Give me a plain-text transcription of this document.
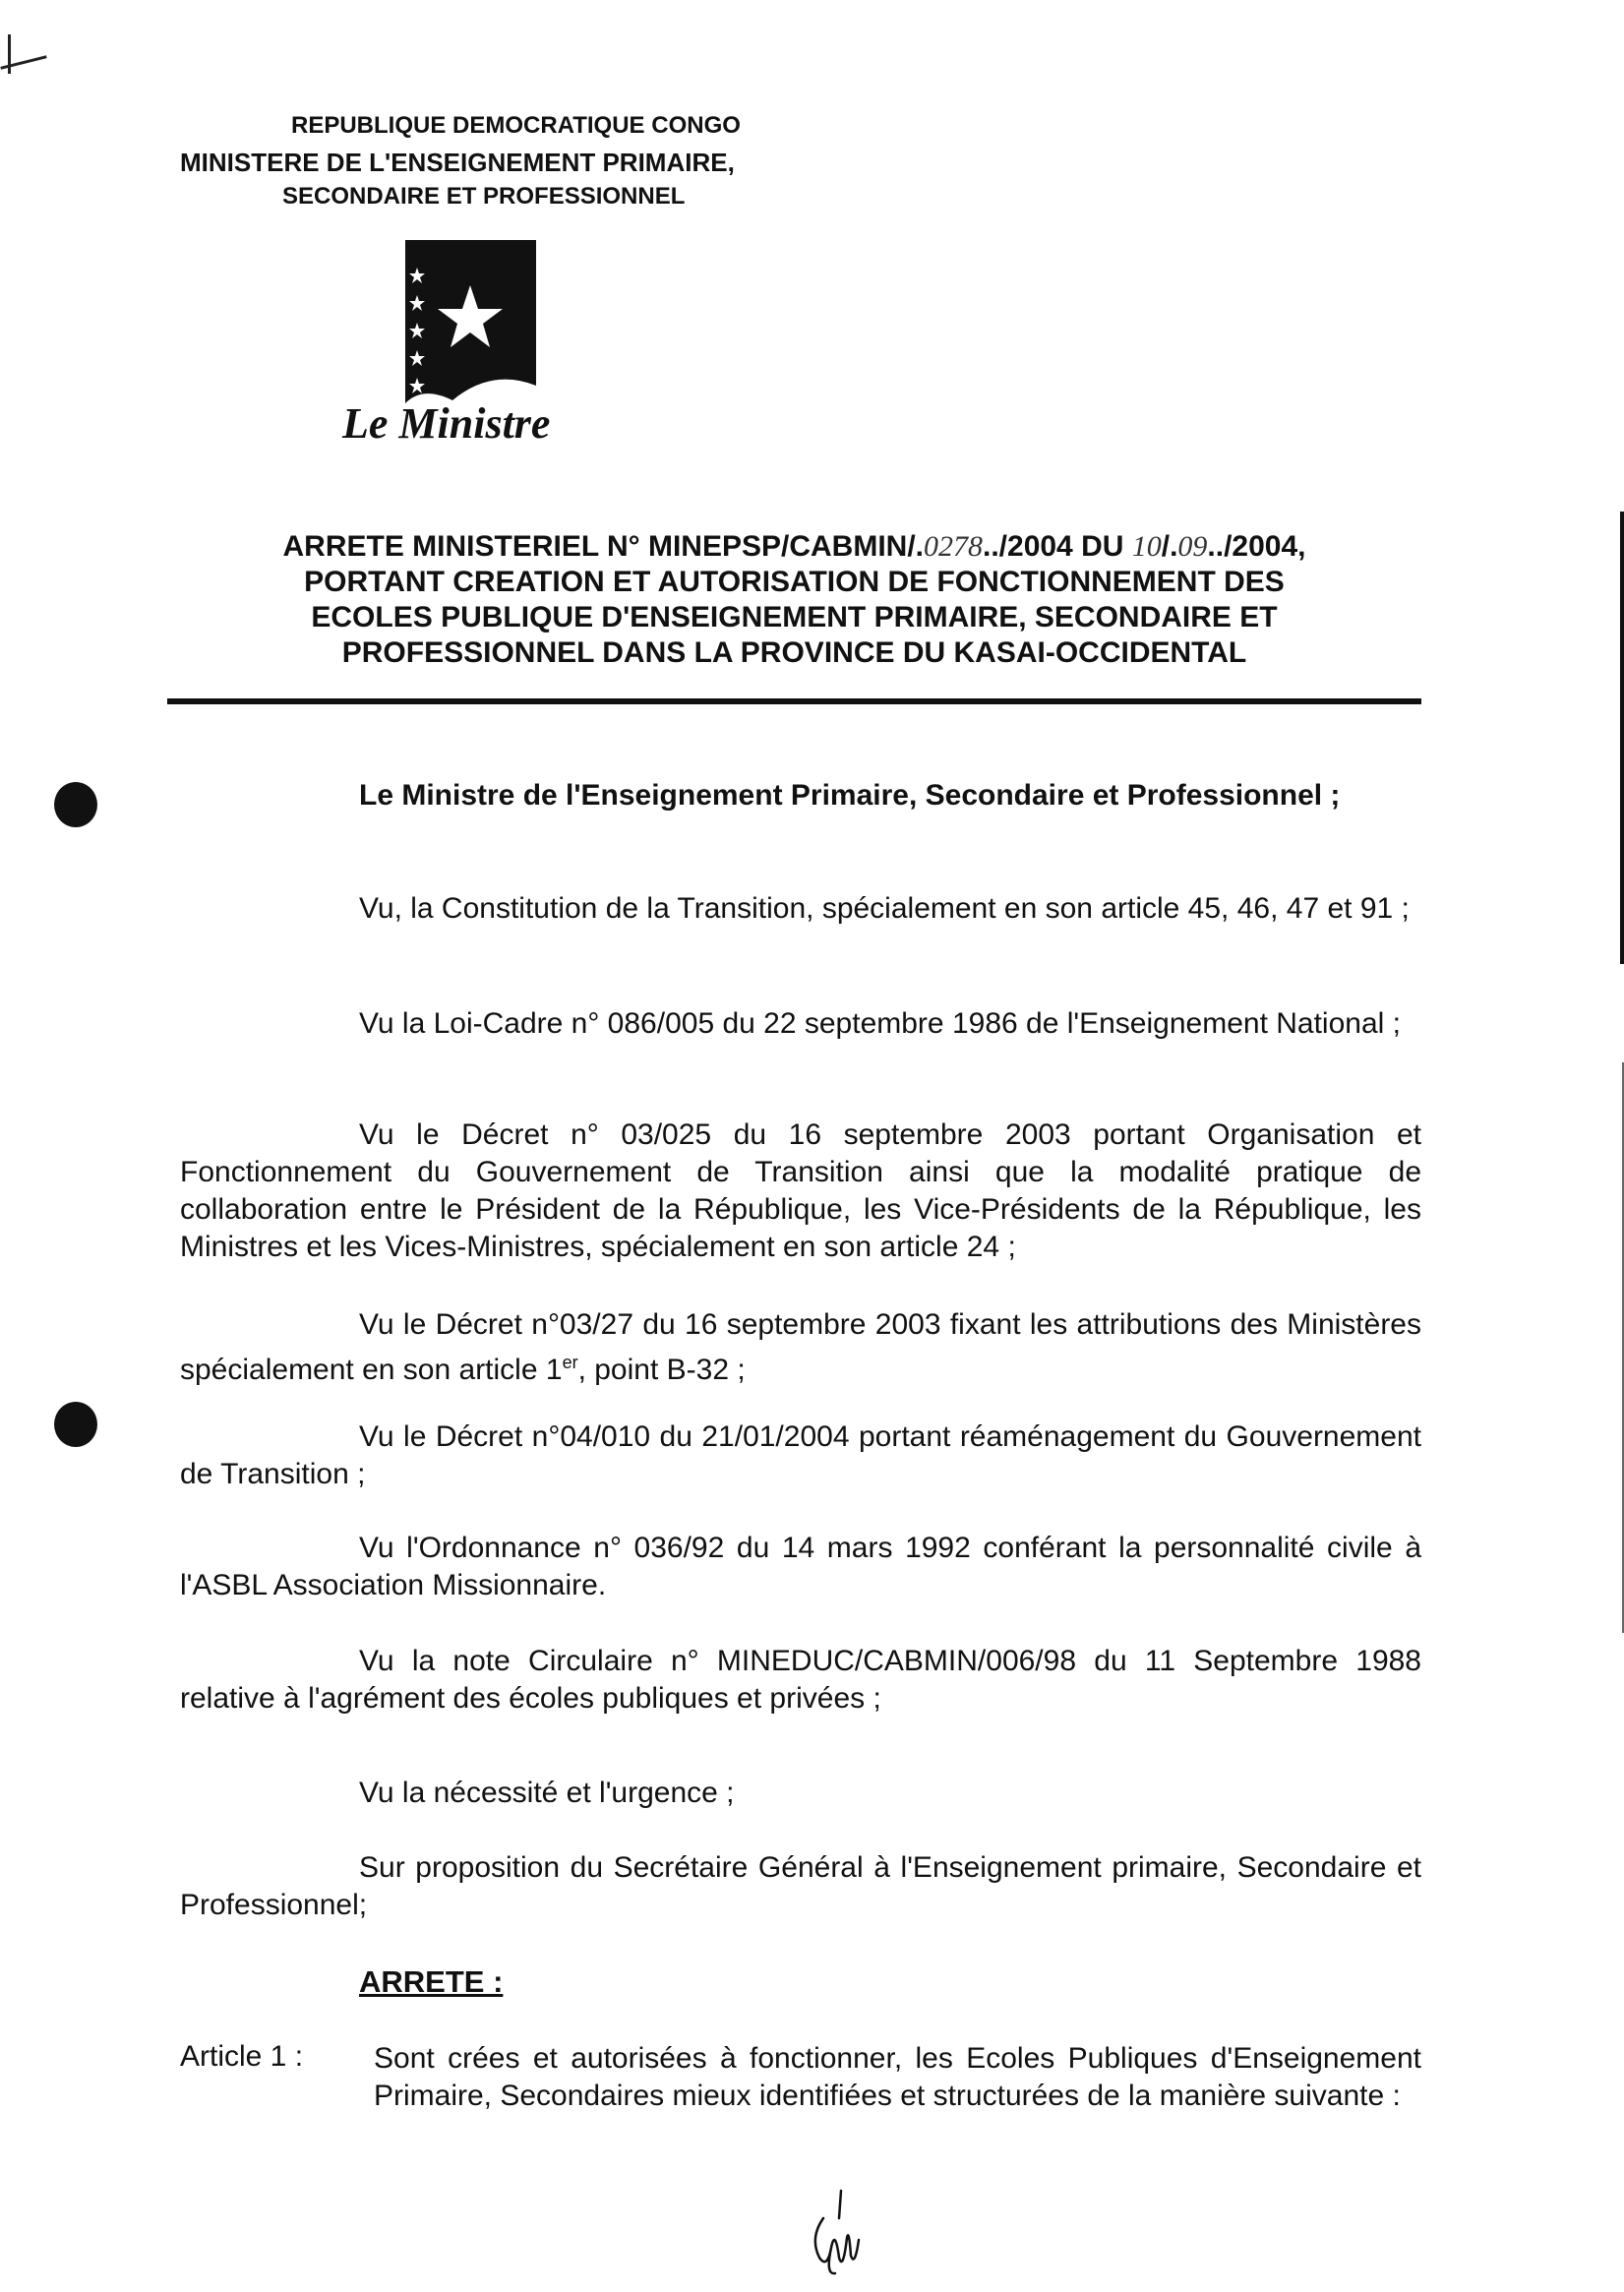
REPUBLIQUE DEMOCRATIQUE CONGO
MINISTERE DE L'ENSEIGNEMENT PRIMAIRE,
SECONDAIRE ET PROFESSIONNEL
Le Ministre
ARRETE MINISTERIEL N° MINEPSP/CABMIN/.0278../2004 DU 10/.09../2004,
PORTANT CREATION ET AUTORISATION DE FONCTIONNEMENT DES
ECOLES PUBLIQUE D'ENSEIGNEMENT PRIMAIRE, SECONDAIRE ET
PROFESSIONNEL DANS LA PROVINCE DU KASAI-OCCIDENTAL
Le Ministre de l'Enseignement Primaire, Secondaire et Professionnel ;
Vu, la Constitution de la Transition, spécialement en son article 45, 46, 47 et 91 ;
Vu la Loi-Cadre n° 086/005 du 22 septembre 1986 de l'Enseignement National ;
Vu le Décret n° 03/025 du 16 septembre 2003 portant Organisation et Fonctionnement du Gouvernement de Transition ainsi que la modalité pratique de collaboration entre le Président de la République, les Vice-Présidents de la République, les Ministres et les Vices-Ministres, spécialement en son article 24 ;
Vu le Décret n°03/27 du 16 septembre 2003 fixant les attributions des Ministères spécialement en son article 1er, point B-32 ;
Vu le Décret n°04/010 du 21/01/2004 portant réaménagement du Gouvernement de Transition ;
Vu l'Ordonnance n° 036/92 du 14 mars 1992 conférant la personnalité civile à l'ASBL Association Missionnaire.
Vu la note Circulaire n° MINEDUC/CABMIN/006/98 du 11 Septembre 1988 relative à l'agrément des écoles publiques et privées ;
Vu la nécessité et l'urgence ;
Sur proposition du Secrétaire Général à l'Enseignement primaire, Secondaire et Professionnel;
ARRETE :
Article 1 : Sont crées et autorisées à fonctionner, les Ecoles Publiques d'Enseignement Primaire, Secondaires mieux identifiées et structurées de la manière suivante :
